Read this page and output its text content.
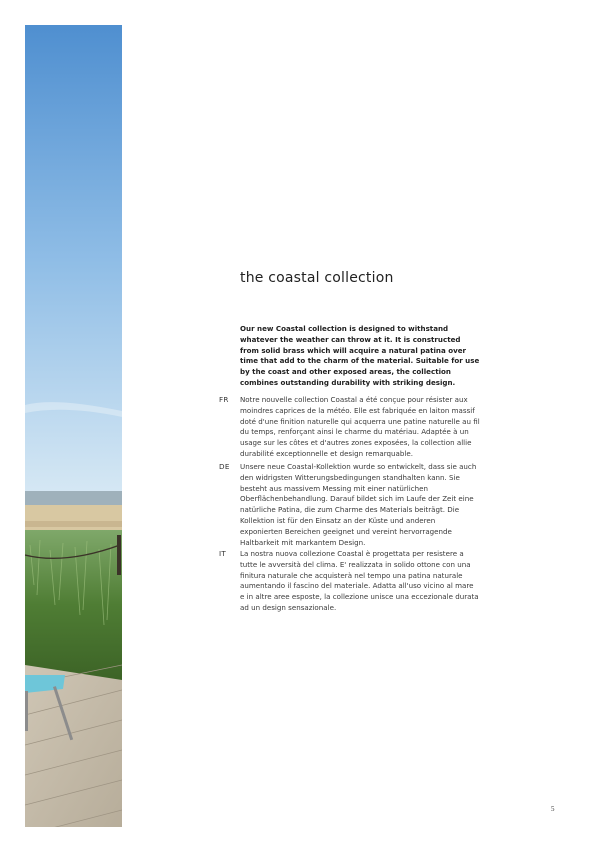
the coastal collection

Our new Coastal collection is designed to withstand whatever the weather can throw at it. It is constructed from solid brass which will acquire a natural patina over time that add to the charm of the material. Suitable for use by the coast and other exposed areas, the collection combines outstanding durability with striking design.

FR Notre nouvelle collection Coastal a été conçue pour résister aux moindres caprices de la météo. Elle est fabriquée en laiton massif doté d'une finition naturelle qui acquerra une patine naturelle au fil du temps, renforçant ainsi le charme du matériau. Adaptée à un usage sur les côtes et d'autres zones exposées, la collection allie durabilité exceptionnelle et design remarquable.

DE Unsere neue Coastal-Kollektion wurde so entwickelt, dass sie auch den widrigsten Witterungsbedingungen standhalten kann. Sie besteht aus massivem Messing mit einer natürlichen Oberflächenbehandlung. Darauf bildet sich im Laufe der Zeit eine natürliche Patina, die zum Charme des Materials beiträgt. Die Kollektion ist für den Einsatz an der Küste und anderen exponierten Bereichen geeignet und vereint hervorragende Haltbarkeit mit markantem Design.

IT La nostra nuova collezione Coastal è progettata per resistere a tutte le avversità del clima. E' realizzata in solido ottone con una finitura naturale che acquisterà nel tempo una patina naturale aumentando il fascino del materiale. Adatta all'uso vicino al mare e in altre aree esposte, la collezione unisce una eccezionale durata ad un design sensazionale.

5
